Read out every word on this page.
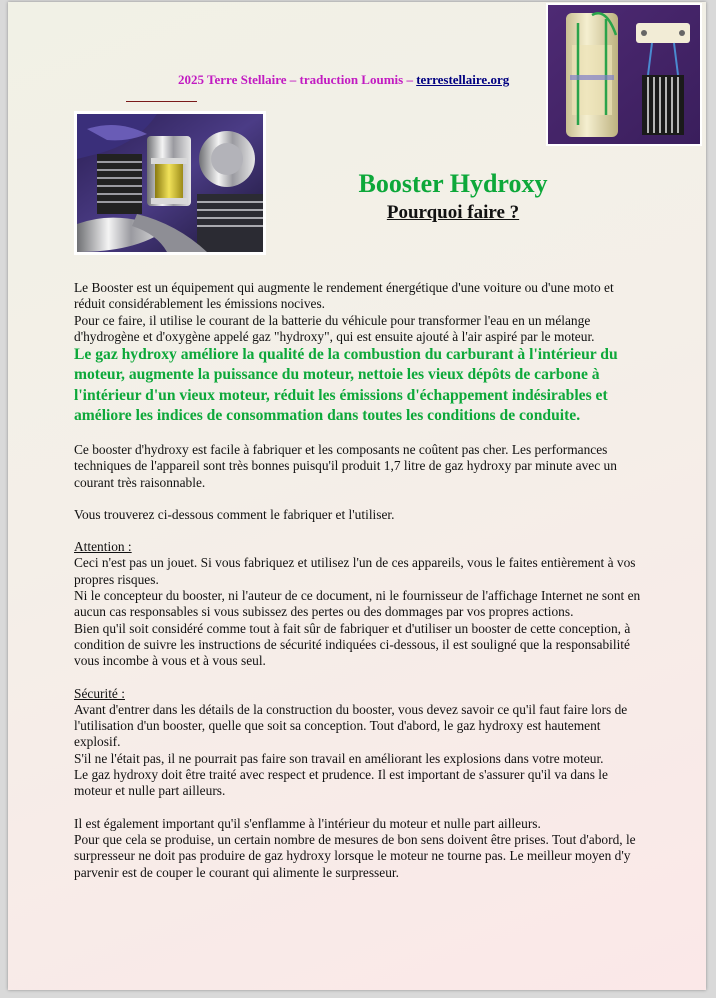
2025 Terre Stellaire – traduction Loumis – terrestellaire.org
Booster Hydroxy
Pourquoi faire ?

Le Booster est un équipement qui augmente le rendement énergétique d'une voiture ou d'une moto et réduit considérablement les émissions nocives.

Pour ce faire, il utilise le courant de la batterie du véhicule pour transformer l'eau en un mélange d'hydrogène et d'oxygène appelé gaz "hydroxy", qui est ensuite ajouté à l'air aspiré par le moteur.

Le gaz hydroxy améliore la qualité de la combustion du carburant à l'intérieur du moteur, augmente la puissance du moteur, nettoie les vieux dépôts de carbone à l'intérieur d'un vieux moteur, réduit les émissions d'échappement indésirables et améliore les indices de consommation dans toutes les conditions de conduite.

Ce booster d'hydroxy est facile à fabriquer et les composants ne coûtent pas cher. Les performances techniques de l'appareil sont très bonnes puisqu'il produit 1,7 litre de gaz hydroxy par minute avec un courant très raisonnable.

Vous trouverez ci-dessous comment le fabriquer et l'utiliser.

Attention :

Ceci n'est pas un jouet. Si vous fabriquez et utilisez l'un de ces appareils, vous le faites entièrement à vos propres risques.

Ni le concepteur du booster, ni l'auteur de ce document, ni le fournisseur de l'affichage Internet ne sont en aucun cas responsables si vous subissez des pertes ou des dommages par vos propres actions.

Bien qu'il soit considéré comme tout à fait sûr de fabriquer et d'utiliser un booster de cette conception, à condition de suivre les instructions de sécurité indiquées ci-dessous, il est souligné que la responsabilité vous incombe à vous et à vous seul.

Sécurité :

Avant d'entrer dans les détails de la construction du booster, vous devez savoir ce qu'il faut faire lors de l'utilisation d'un booster, quelle que soit sa conception. Tout d'abord, le gaz hydroxy est hautement explosif.

S'il ne l'était pas, il ne pourrait pas faire son travail en améliorant les explosions dans votre moteur.

Le gaz hydroxy doit être traité avec respect et prudence. Il est important de s'assurer qu'il va dans le moteur et nulle part ailleurs.

Il est également important qu'il s'enflamme à l'intérieur du moteur et nulle part ailleurs.

Pour que cela se produise, un certain nombre de mesures de bon sens doivent être prises. Tout d'abord, le surpresseur ne doit pas produire de gaz hydroxy lorsque le moteur ne tourne pas. Le meilleur moyen d'y parvenir est de couper le courant qui alimente le surpresseur.
